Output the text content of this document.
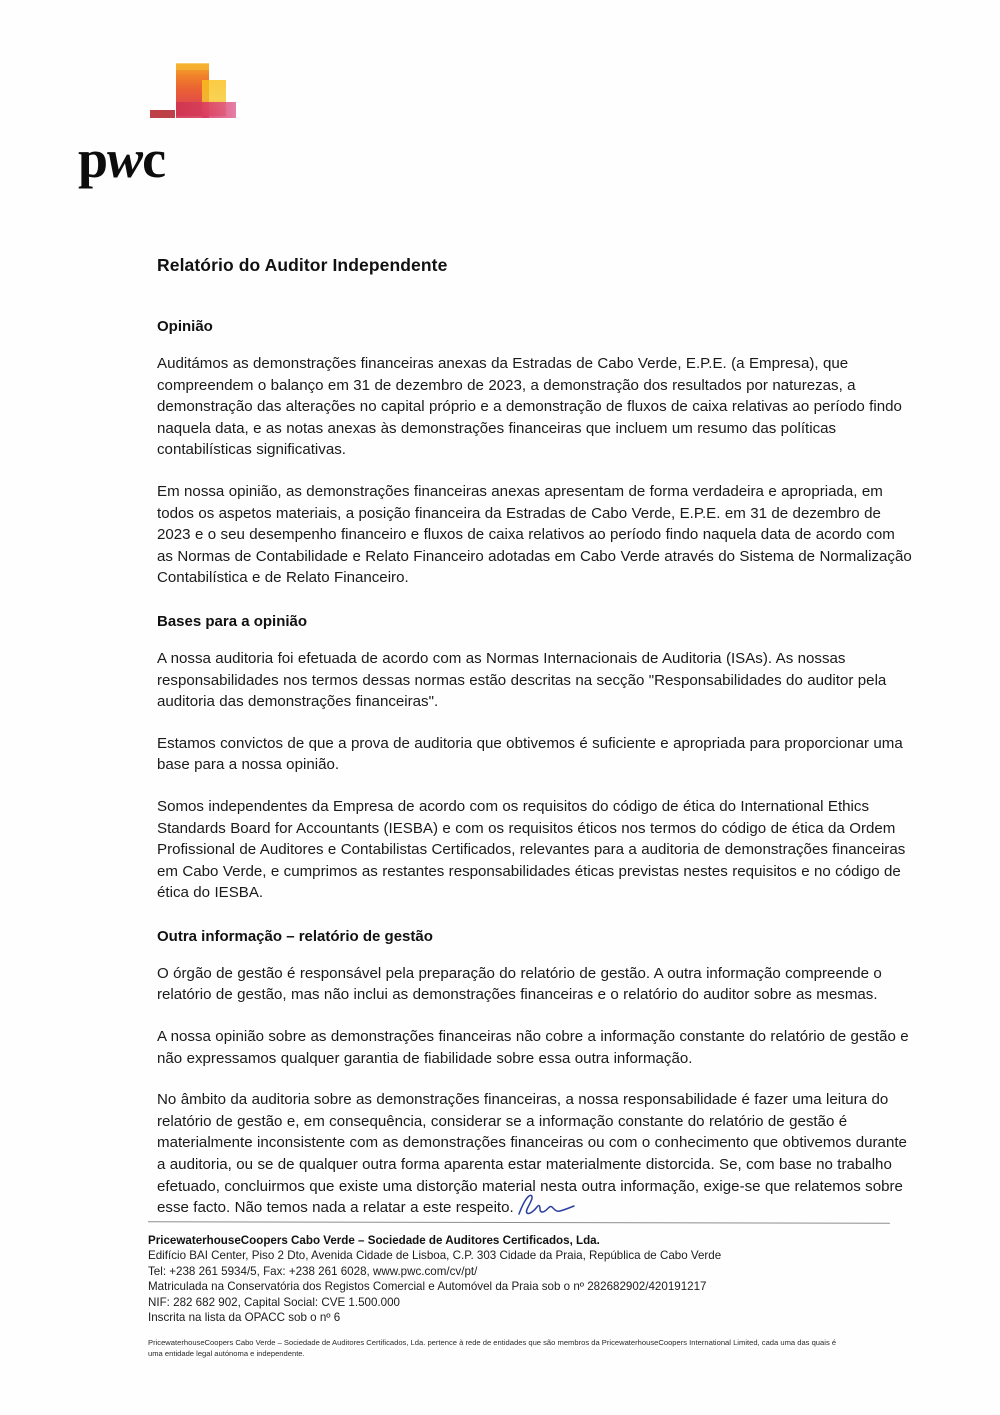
pwc
Relatório do Auditor Independente
Opinião

Auditámos as demonstrações financeiras anexas da Estradas de Cabo Verde, E.P.E. (a Empresa), que compreendem o balanço em 31 de dezembro de 2023, a demonstração dos resultados por naturezas, a demonstração das alterações no capital próprio e a demonstração de fluxos de caixa relativas ao período findo naquela data, e as notas anexas às demonstrações financeiras que incluem um resumo das políticas contabilísticas significativas.

Em nossa opinião, as demonstrações financeiras anexas apresentam de forma verdadeira e apropriada, em todos os aspetos materiais, a posição financeira da Estradas de Cabo Verde, E.P.E. em 31 de dezembro de 2023 e o seu desempenho financeiro e fluxos de caixa relativos ao período findo naquela data de acordo com as Normas de Contabilidade e Relato Financeiro adotadas em Cabo Verde através do Sistema de Normalização Contabilística e de Relato Financeiro.

Bases para a opinião

A nossa auditoria foi efetuada de acordo com as Normas Internacionais de Auditoria (ISAs). As nossas responsabilidades nos termos dessas normas estão descritas na secção "Responsabilidades do auditor pela auditoria das demonstrações financeiras".

Estamos convictos de que a prova de auditoria que obtivemos é suficiente e apropriada para proporcionar uma base para a nossa opinião.

Somos independentes da Empresa de acordo com os requisitos do código de ética do International Ethics Standards Board for Accountants (IESBA) e com os requisitos éticos nos termos do código de ética da Ordem Profissional de Auditores e Contabilistas Certificados, relevantes para a auditoria de demonstrações financeiras em Cabo Verde, e cumprimos as restantes responsabilidades éticas previstas nestes requisitos e no código de ética do IESBA.

Outra informação – relatório de gestão

O órgão de gestão é responsável pela preparação do relatório de gestão. A outra informação compreende o relatório de gestão, mas não inclui as demonstrações financeiras e o relatório do auditor sobre as mesmas.

A nossa opinião sobre as demonstrações financeiras não cobre a informação constante do relatório de gestão e não expressamos qualquer garantia de fiabilidade sobre essa outra informação.

No âmbito da auditoria sobre as demonstrações financeiras, a nossa responsabilidade é fazer uma leitura do relatório de gestão e, em consequência, considerar se a informação constante do relatório de gestão é materialmente inconsistente com as demonstrações financeiras ou com o conhecimento que obtivemos durante a auditoria, ou se de qualquer outra forma aparenta estar materialmente distorcida. Se, com base no trabalho efetuado, concluirmos que existe uma distorção material nesta outra informação, exige-se que relatemos sobre esse facto. Não temos nada a relatar a este respeito.

PricewaterhouseCoopers Cabo Verde – Sociedade de Auditores Certificados, Lda.
Edifício BAI Center, Piso 2 Dto, Avenida Cidade de Lisboa, C.P. 303 Cidade da Praia, República de Cabo Verde
Tel: +238 261 5934/5, Fax: +238 261 6028, www.pwc.com/cv/pt/
Matriculada na Conservatória dos Registos Comercial e Automóvel da Praia sob o nº 282682902/420191217
NIF: 282 682 902, Capital Social: CVE 1.500.000
Inscrita na lista da OPACC sob o nº 6
PricewaterhouseCoopers Cabo Verde – Sociedade de Auditores Certificados, Lda. pertence à rede de entidades que são membros da PricewaterhouseCoopers International Limited, cada uma das quais é uma entidade legal autónoma e independente.
